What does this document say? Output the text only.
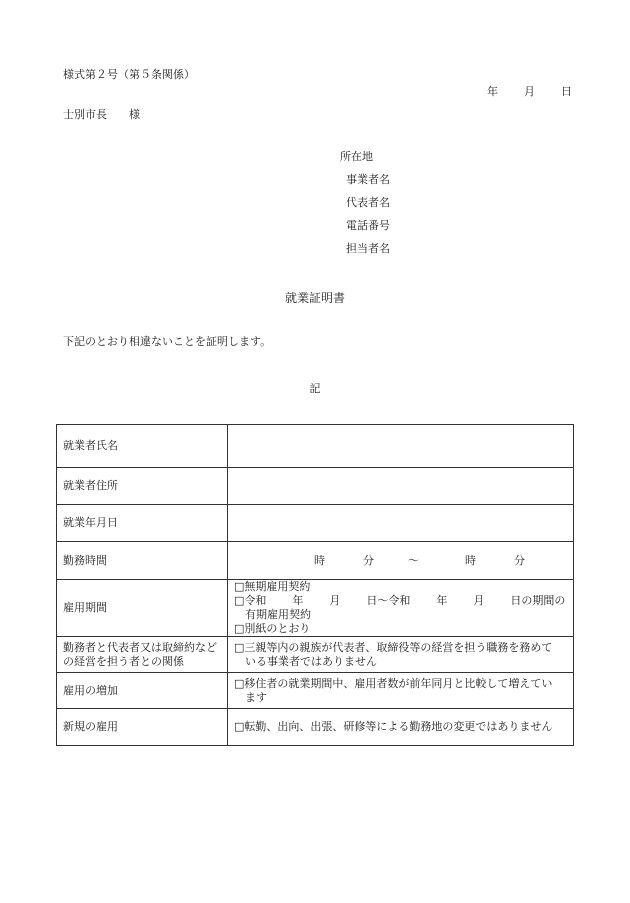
様式第２号（第５条関係）
年 月 日
士別市長　　様
所在地
事業者名
代表者名
電話番号
担当者名
就業証明書
下記のとおり相違ないことを証明します。
記
就業者氏名	
就業者住所	
就業年月日	
勤務時間	時 分 ～ 時 分

雇用期間	□無期雇用契約
□令和 年 月 日～令和 年 月 日の期間の
有期雇用契約
□別紙のとおり

勤務者と代表者又は取締約など
の経営を担う者との関係	□三親等内の親族が代表者、取締役等の経営を担う職務を務めて
いる事業者ではありません

雇用の増加	□移住者の就業期間中、雇用者数が前年同月と比較して増えてい
ます

新規の雇用	□転勤、出向、出張、研修等による勤務地の変更ではありません
